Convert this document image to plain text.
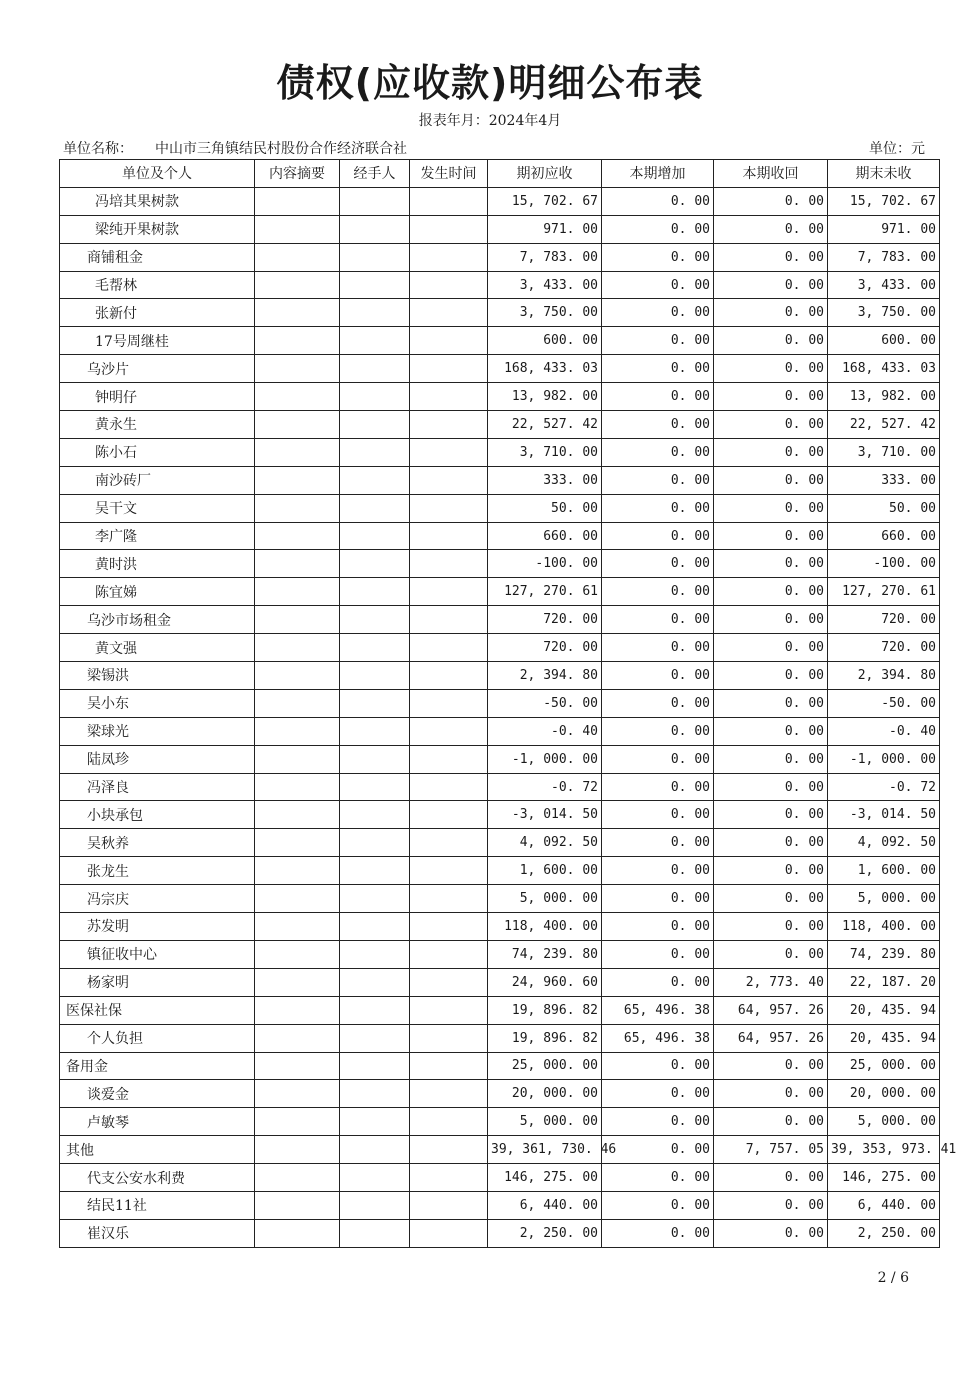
债权(应收款)明细公布表
报表年月：2024年4月
单位名称： 中山市三角镇结民村股份合作经济联合社	单位：元
单位及个人	内容摘要	经手人	发生时间	期初应收	本期增加	本期收回	期末未收
冯培其果树款				15, 702. 67	0. 00	0. 00	15, 702. 67
梁纯开果树款				971. 00	0. 00	0. 00	971. 00
商铺租金				7, 783. 00	0. 00	0. 00	7, 783. 00
毛帮林				3, 433. 00	0. 00	0. 00	3, 433. 00
张新付				3, 750. 00	0. 00	0. 00	3, 750. 00
17号周继桂				600. 00	0. 00	0. 00	600. 00
乌沙片				168, 433. 03	0. 00	0. 00	168, 433. 03
钟明仔				13, 982. 00	0. 00	0. 00	13, 982. 00
黄永生				22, 527. 42	0. 00	0. 00	22, 527. 42
陈小石				3, 710. 00	0. 00	0. 00	3, 710. 00
南沙砖厂				333. 00	0. 00	0. 00	333. 00
吴干文				50. 00	0. 00	0. 00	50. 00
李广隆				660. 00	0. 00	0. 00	660. 00
黄时洪				-100. 00	0. 00	0. 00	-100. 00
陈宜娣				127, 270. 61	0. 00	0. 00	127, 270. 61
乌沙市场租金				720. 00	0. 00	0. 00	720. 00
黄文强				720. 00	0. 00	0. 00	720. 00
梁锡洪				2, 394. 80	0. 00	0. 00	2, 394. 80
吴小东				-50. 00	0. 00	0. 00	-50. 00
梁球光				-0. 40	0. 00	0. 00	-0. 40
陆凤珍				-1, 000. 00	0. 00	0. 00	-1, 000. 00
冯泽良				-0. 72	0. 00	0. 00	-0. 72
小块承包				-3, 014. 50	0. 00	0. 00	-3, 014. 50
吴秋养				4, 092. 50	0. 00	0. 00	4, 092. 50
张龙生				1, 600. 00	0. 00	0. 00	1, 600. 00
冯宗庆				5, 000. 00	0. 00	0. 00	5, 000. 00
苏发明				118, 400. 00	0. 00	0. 00	118, 400. 00
镇征收中心				74, 239. 80	0. 00	0. 00	74, 239. 80
杨家明				24, 960. 60	0. 00	2, 773. 40	22, 187. 20
医保社保				19, 896. 82	65, 496. 38	64, 957. 26	20, 435. 94
个人负担				19, 896. 82	65, 496. 38	64, 957. 26	20, 435. 94
备用金				25, 000. 00	0. 00	0. 00	25, 000. 00
谈爱金				20, 000. 00	0. 00	0. 00	20, 000. 00
卢敏琴				5, 000. 00	0. 00	0. 00	5, 000. 00
其他				39, 361, 730. 46	0. 00	7, 757. 05	39, 353, 973. 41
代支公安水利费				146, 275. 00	0. 00	0. 00	146, 275. 00
结民11社				6, 440. 00	0. 00	0. 00	6, 440. 00
崔汉乐				2, 250. 00	0. 00	0. 00	2, 250. 00
2 / 6
